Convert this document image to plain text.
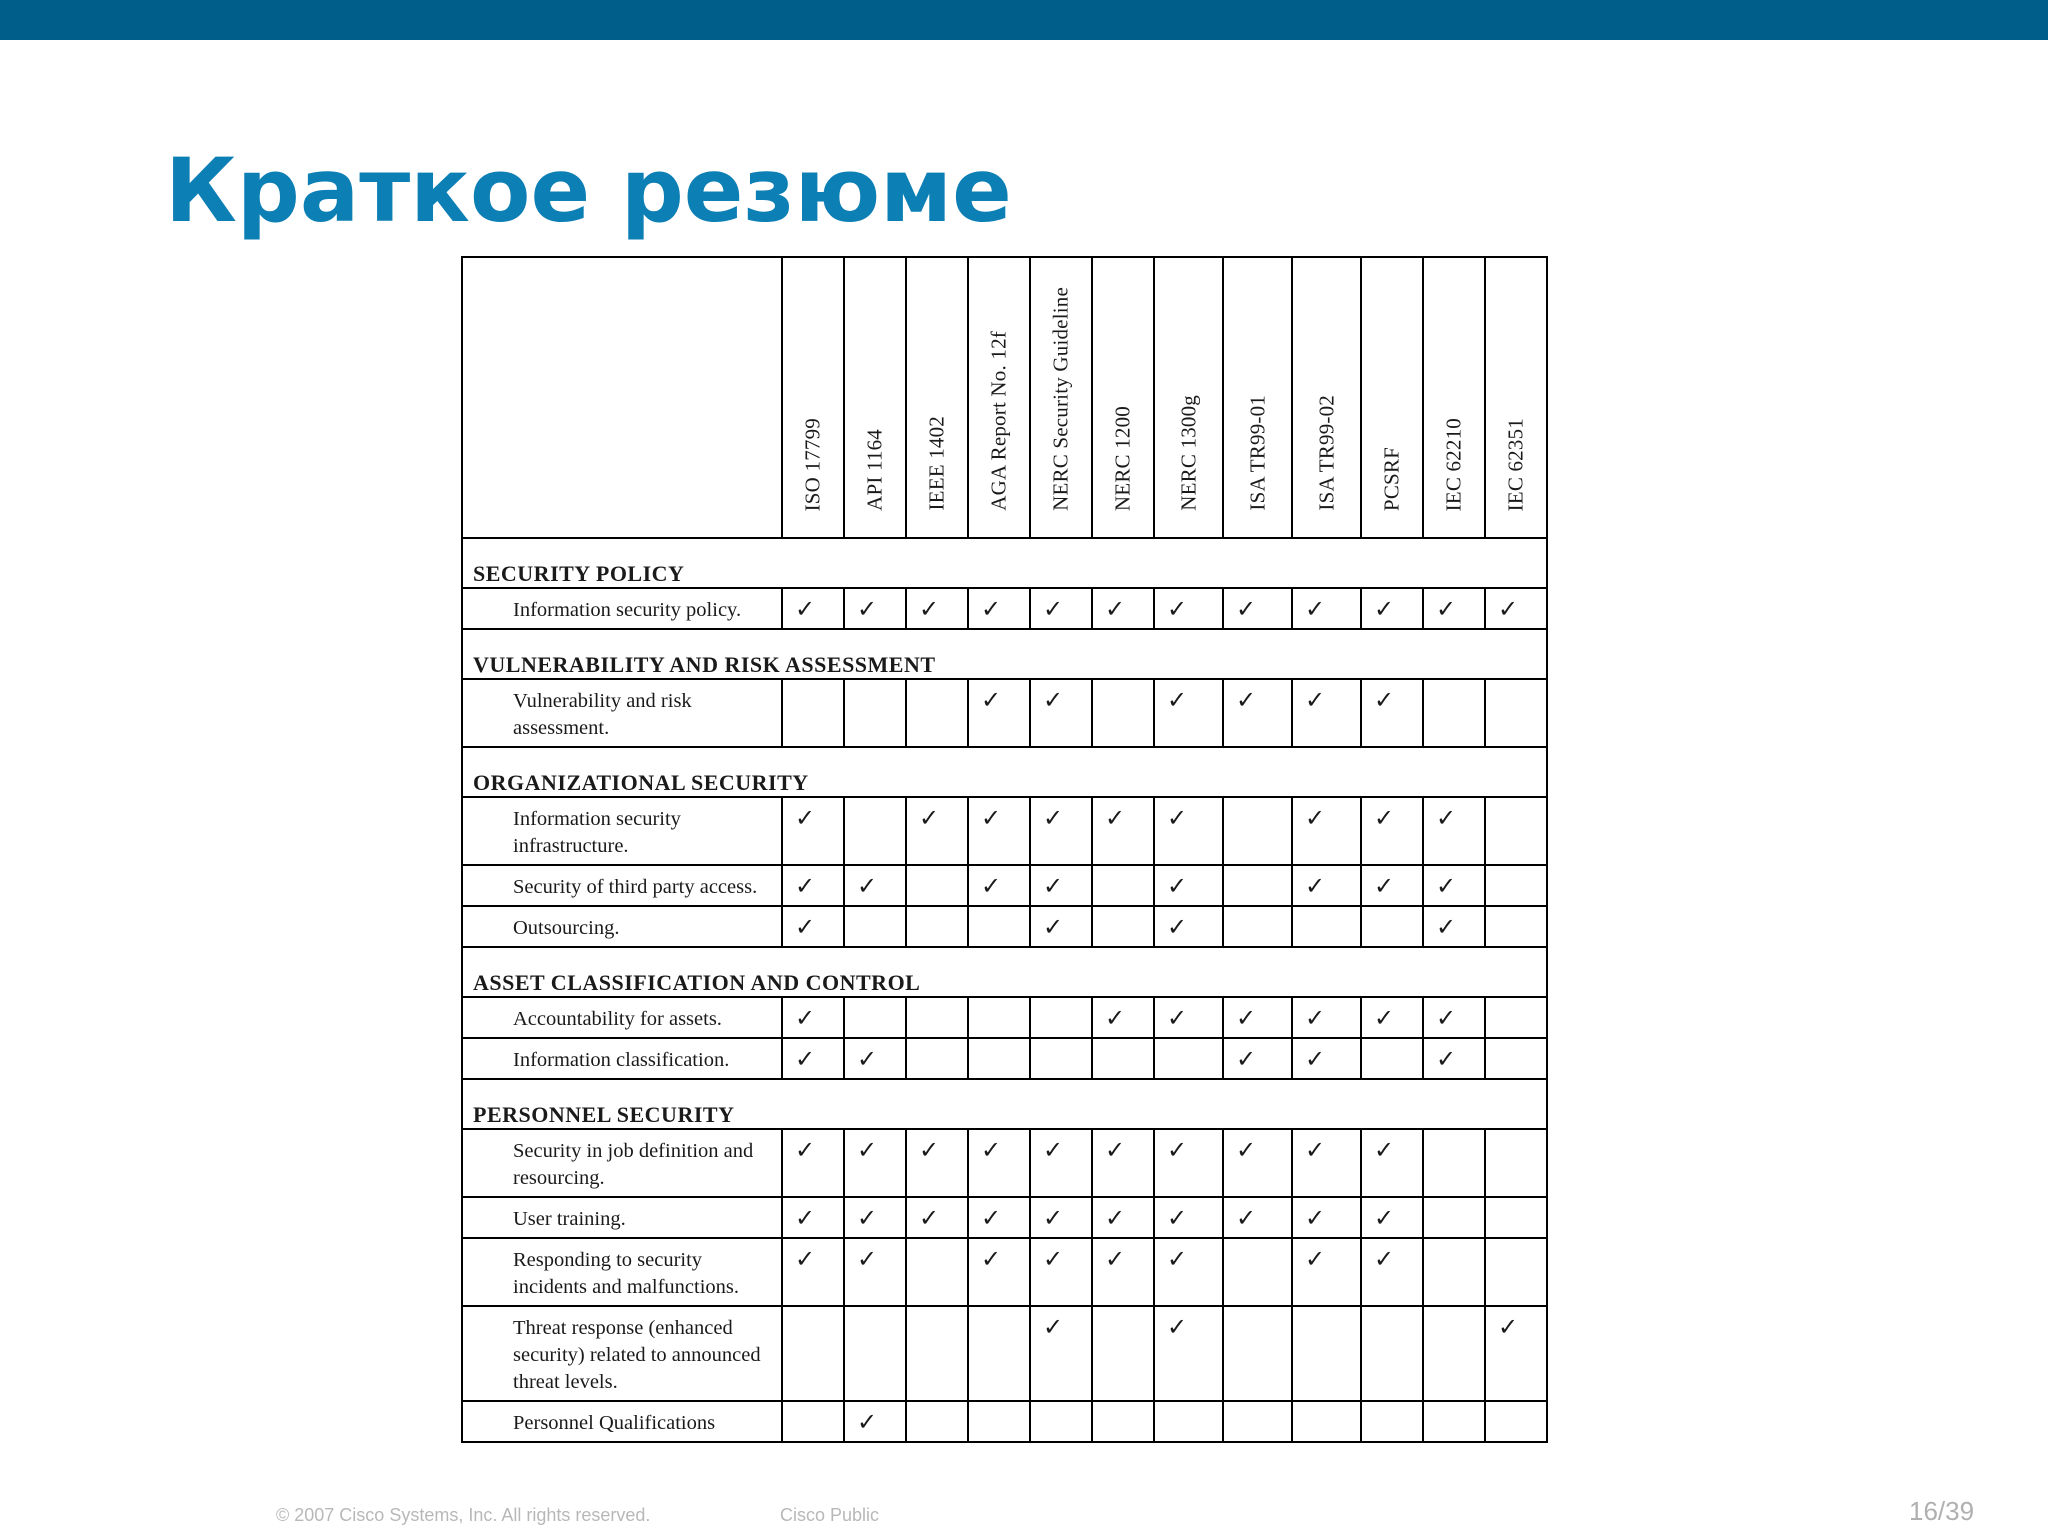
Краткое резюме

	ISO 17799	API 1164	IEEE 1402	AGA Report No. 12f	NERC Security Guideline	NERC 1200	NERC 1300g	ISA TR99-01	ISA TR99-02	PCSRF	IEC 62210	IEC 62351

SECURITY POLICY												
Information security policy.	✓	✓	✓	✓	✓	✓	✓	✓	✓	✓	✓	✓
VULNERABILITY AND RISK ASSESSMENT												
Vulnerability and risk assessment.				✓	✓		✓	✓	✓	✓		
ORGANIZATIONAL SECURITY												
Information security infrastructure.	✓		✓	✓	✓	✓	✓		✓	✓	✓	
Security of third party access.	✓	✓		✓	✓		✓		✓	✓	✓	
Outsourcing.	✓				✓		✓				✓	
ASSET CLASSIFICATION AND CONTROL												
Accountability for assets.	✓					✓	✓	✓	✓	✓	✓	
Information classification.	✓	✓						✓	✓		✓	
PERSONNEL SECURITY												
Security in job definition and resourcing.	✓	✓	✓	✓	✓	✓	✓	✓	✓	✓		
User training.	✓	✓	✓	✓	✓	✓	✓	✓	✓	✓		
Responding to security incidents and malfunctions.	✓	✓		✓	✓	✓	✓		✓	✓		
Threat response (enhanced security) related to announced threat levels.					✓		✓					✓
Personnel Qualifications		✓										
© 2007 Cisco Systems, Inc. All rights reserved.	Cisco Public	16/39
